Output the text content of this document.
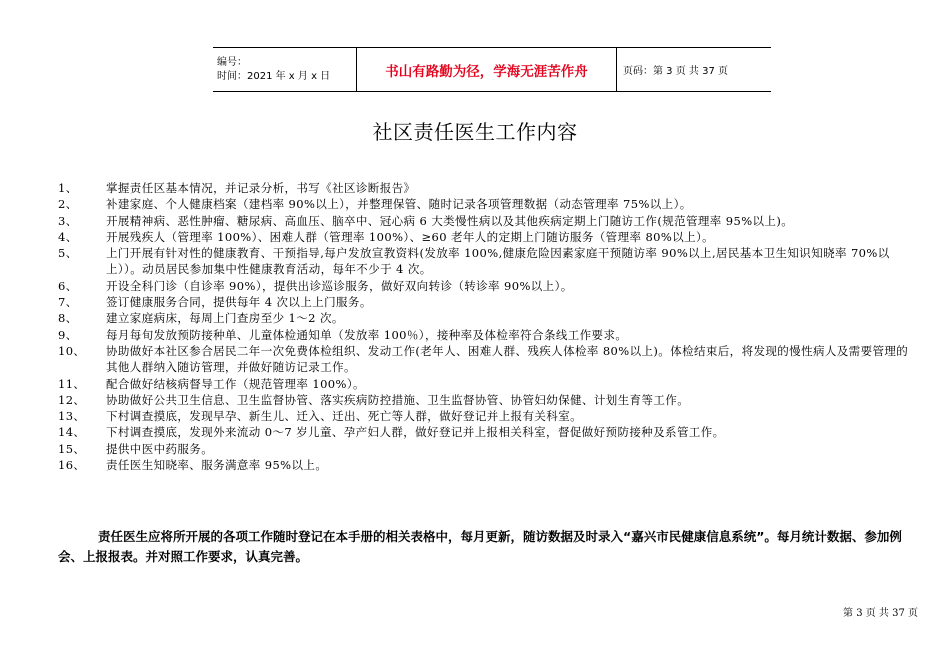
编号：
时间：2021 年 x 月 x 日	书山有路勤为径，学海无涯苦作舟	页码：第 3 页 共 37 页
社区责任医生工作内容
1、	掌握责任区基本情况，并记录分析，书写《社区诊断报告》
2、	补建家庭、个人健康档案（建档率 90%以上），并整理保管、随时记录各项管理数据（动态管理率 75%以上）。
3、	开展精神病、恶性肿瘤、糖尿病、高血压、脑卒中、冠心病 6 大类慢性病以及其他疾病定期上门随访工作(规范管理率 95%以上)。
4、	开展残疾人（管理率 100%）、困难人群（管理率 100%）、≥60 老年人的定期上门随访服务（管理率 80%以上）。
5、	上门开展有针对性的健康教育、干预指导,每户发放宣教资料(发放率 100%,健康危险因素家庭干预随访率 90%以上,居民基本卫生知识知晓率 70%以上））。动员居民参加集中性健康教育活动，每年不少于 4 次。
6、	开设全科门诊（自诊率 90%），提供出诊巡诊服务，做好双向转诊（转诊率 90%以上）。
7、	签订健康服务合同，提供每年 4 次以上上门服务。
8、	建立家庭病床，每周上门查房至少 1～2 次。
9、	每月每旬发放预防接种单、儿童体检通知单（发放率 100％），接种率及体检率符合条线工作要求。
10、	协助做好本社区参合居民二年一次免费体检组织、发动工作(老年人、困难人群、残疾人体检率 80%以上)。体检结束后，将发现的慢性病人及需要管理的其他人群纳入随访管理，并做好随访记录工作。
11、	配合做好结核病督导工作（规范管理率 100%）。
12、	协助做好公共卫生信息、卫生监督协管、落实疾病防控措施、卫生监督协管、协管妇幼保健、计划生育等工作。
13、	下村调查摸底，发现早孕、新生儿、迁入、迁出、死亡等人群，做好登记并上报有关科室。
14、	下村调查摸底，发现外来流动 0～7 岁儿童、孕产妇人群，做好登记并上报相关科室，督促做好预防接种及系管工作。
15、	提供中医中药服务。
16、	责任医生知晓率、服务满意率 95%以上。

责任医生应将所开展的各项工作随时登记在本手册的相关表格中，每月更新，随访数据及时录入“嘉兴市民健康信息系统”。每月统计数据、参加例会、上报报表。并对照工作要求，认真完善。

第 3 页 共 37 页
